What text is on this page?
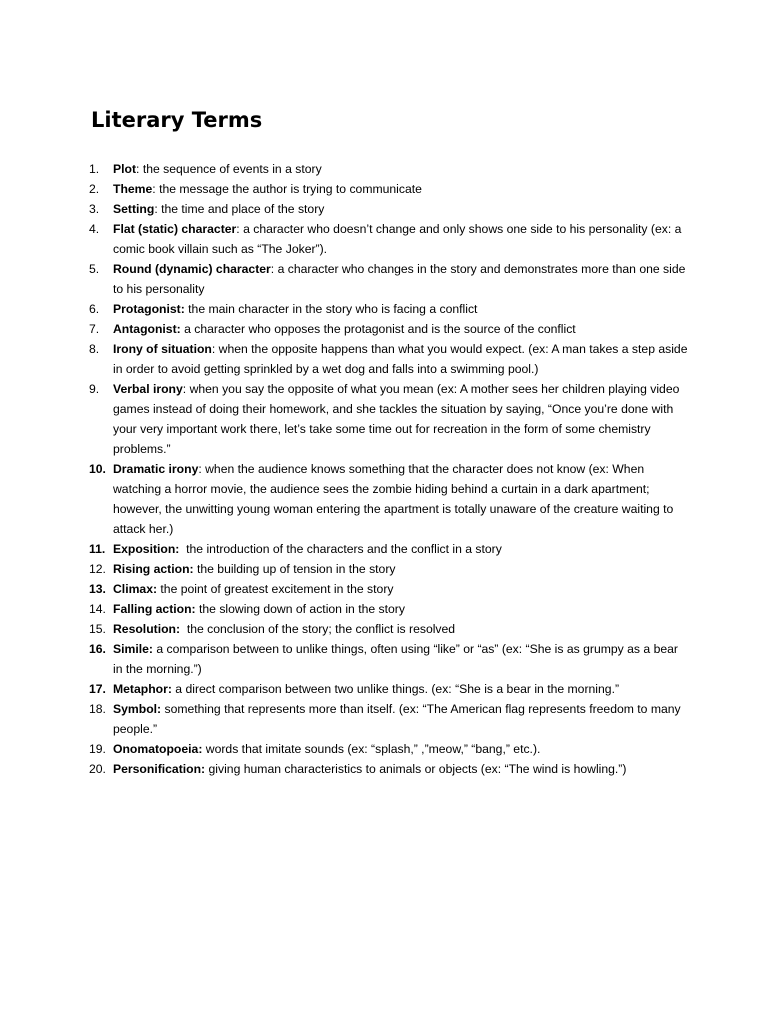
Literary Terms
1.	Plot: the sequence of events in a story
2.	Theme: the message the author is trying to communicate
3.	Setting: the time and place of the story
4.	Flat (static) character: a character who doesn’t change and only shows one side to his personality (ex: a comic book villain such as “The Joker”).
5.	Round (dynamic) character: a character who changes in the story and demonstrates more than one side to his personality
6.	Protagonist: the main character in the story who is facing a conflict
7.	Antagonist: a character who opposes the protagonist and is the source of the conflict
8.	Irony of situation: when the opposite happens than what you would expect. (ex: A man takes a step aside in order to avoid getting sprinkled by a wet dog and falls into a swimming pool.)
9.	Verbal irony: when you say the opposite of what you mean (ex: A mother sees her children playing video games instead of doing their homework, and she tackles the situation by saying, “Once you’re done with your very important work there, let’s take some time out for recreation in the form of some chemistry problems.”
10. Dramatic irony: when the audience knows something that the character does not know (ex: When watching a horror movie, the audience sees the zombie hiding behind a curtain in a dark apartment; however, the unwitting young woman entering the apartment is totally unaware of the creature waiting to attack her.)
11. Exposition: the introduction of the characters and the conflict in a story
12. Rising action: the building up of tension in the story
13. Climax: the point of greatest excitement in the story
14. Falling action: the slowing down of action in the story
15. Resolution: the conclusion of the story; the conflict is resolved
16. Simile: a comparison between to unlike things, often using “like” or “as” (ex: “She is as grumpy as a bear in the morning.”)
17. Metaphor: a direct comparison between two unlike things. (ex: “She is a bear in the morning.”
18. Symbol: something that represents more than itself. (ex: “The American flag represents freedom to many people.”
19. Onomatopoeia: words that imitate sounds (ex: “splash,” ,”meow,” “bang,” etc.).
20. Personification: giving human characteristics to animals or objects (ex: “The wind is howling.”)
